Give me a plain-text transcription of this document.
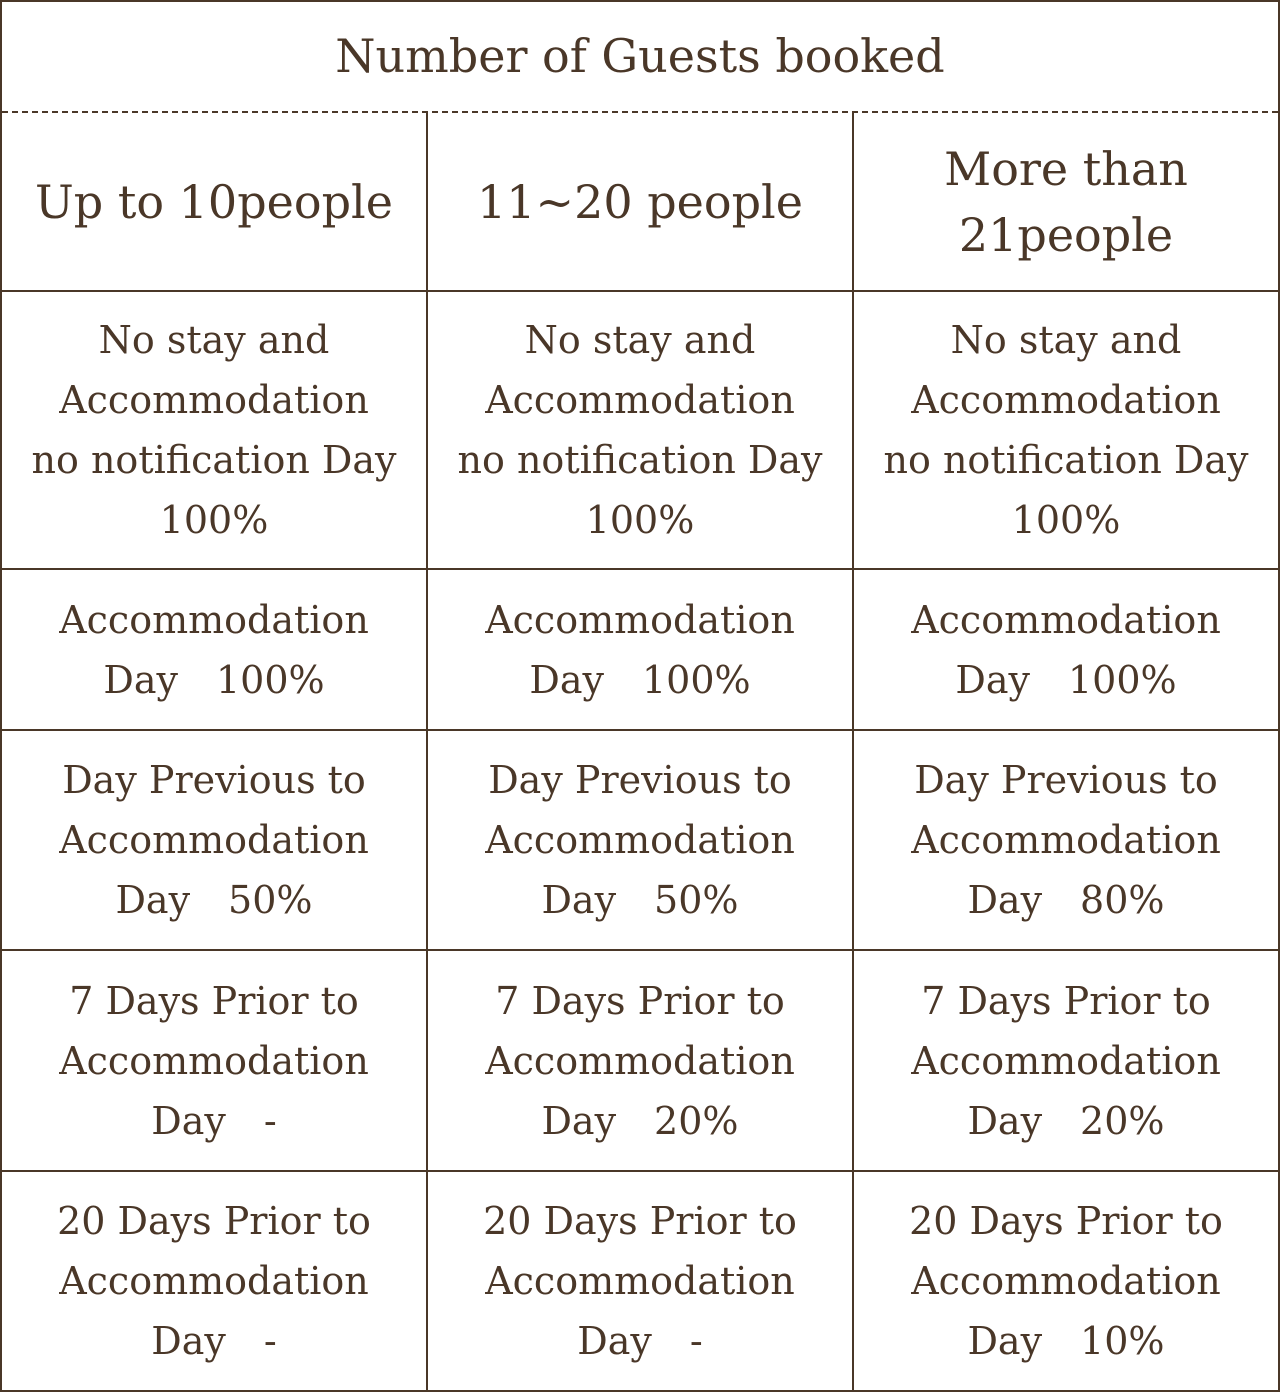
Number of Guests booked
Up to 10people	11~20 people
More than
21people
No stay and
Accommodation
no notification Day
100%
No stay and
Accommodation
no notification Day
100%
No stay and
Accommodation
no notification Day
100%
Accommodation
Day　100%
Accommodation
Day　100%
Accommodation
Day　100%
Day Previous to
Accommodation
Day　50%
Day Previous to
Accommodation
Day　50%
Day Previous to
Accommodation
Day　80%
7 Days Prior to
Accommodation
Day　-
7 Days Prior to
Accommodation
Day　20%
7 Days Prior to
Accommodation
Day　20%
20 Days Prior to
Accommodation
Day　-
20 Days Prior to
Accommodation
Day　-
20 Days Prior to
Accommodation
Day　10%
